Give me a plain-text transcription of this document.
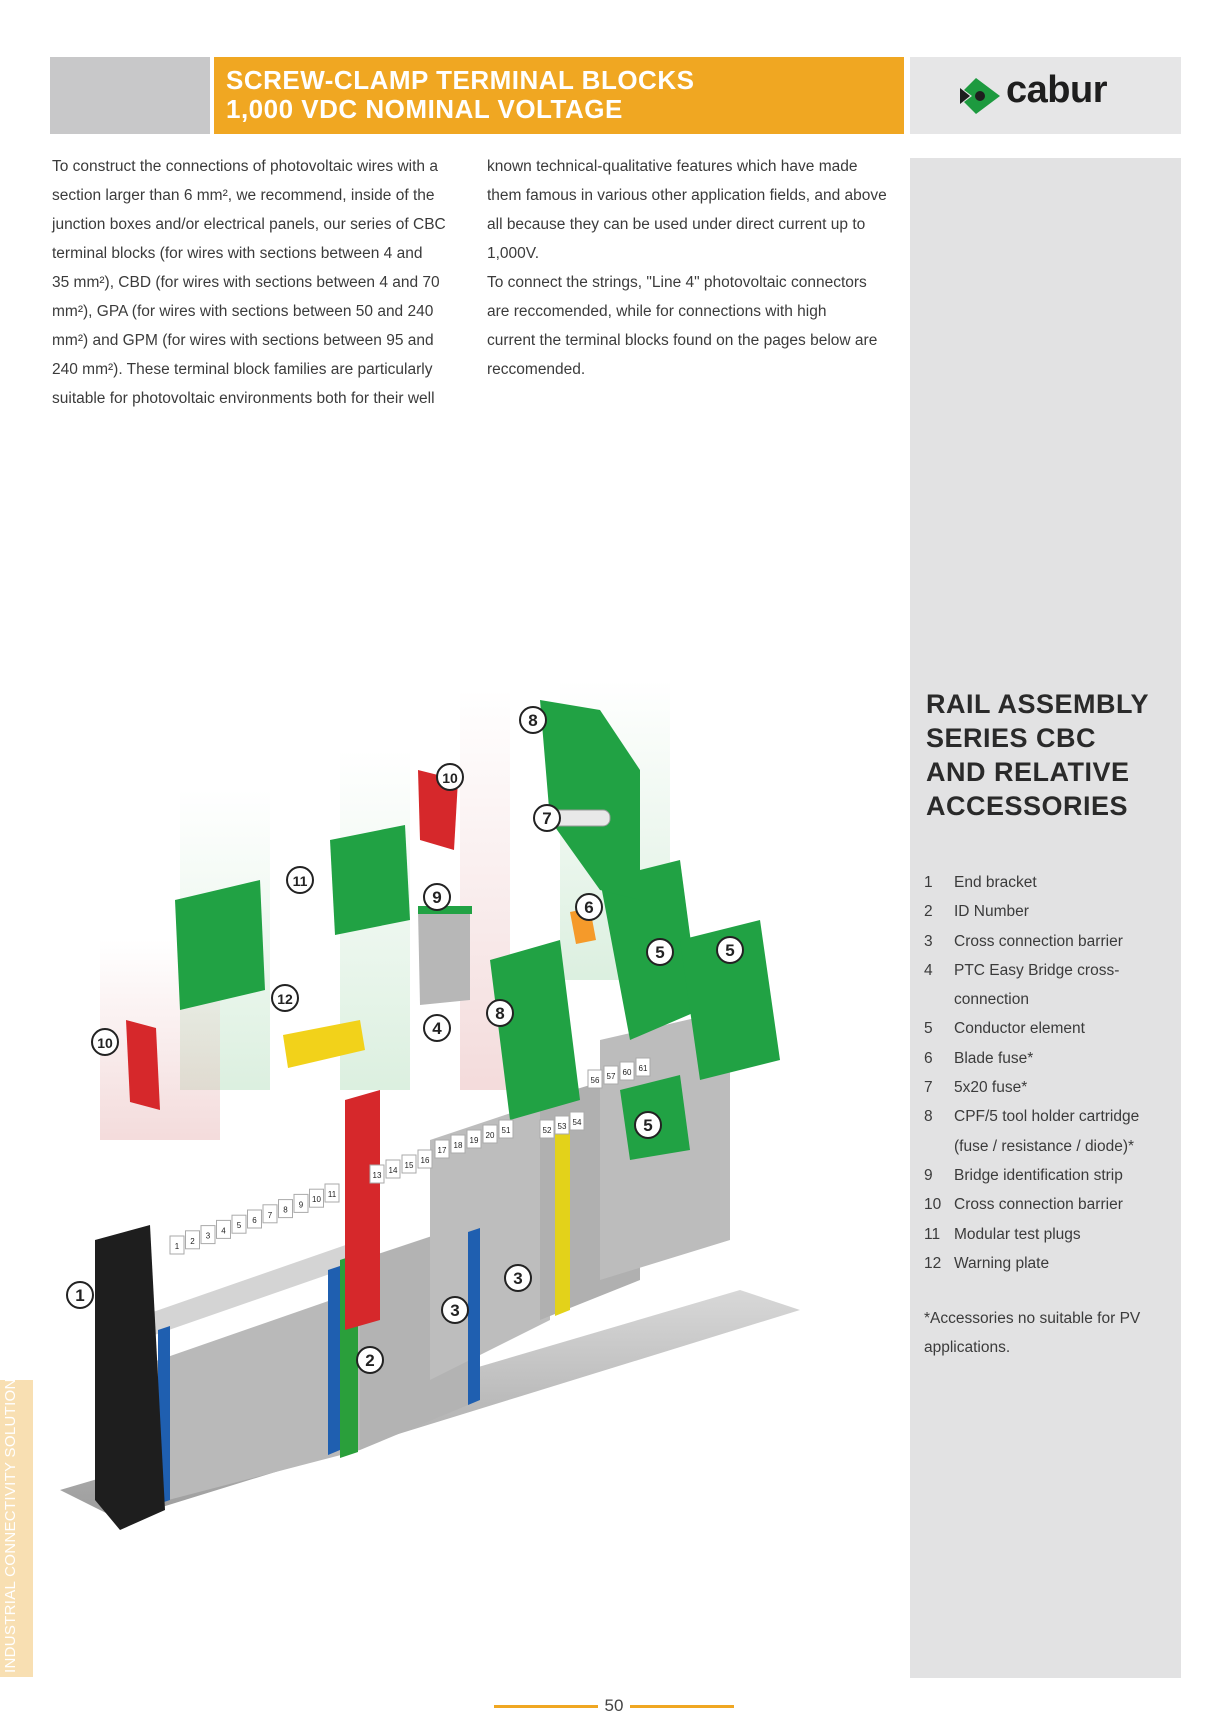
SCREW-CLAMP TERMINAL BLOCKS
1,000 VDC NOMINAL VOLTAGE	cabur

To construct the connections of photovoltaic wires with a

section larger than 6 mm², we recommend, inside of the

junction boxes and/or electrical panels, our series of CBC

terminal blocks (for wires with sections between 4 and

35 mm²), CBD (for wires with sections between 4 and 70

mm²), GPA (for wires with sections between 50 and 240

mm²) and GPM (for wires with sections between 95 and

240 mm²). These terminal block families are particularly

suitable for photovoltaic environments both for their well

known technical-qualitative features which have made

them famous in various other application fields, and above

all because they can be used under direct current up to

1,000V.

To connect the strings, "Line 4" photovoltaic connectors

are reccomended, while for connections with high

current the terminal blocks found on the pages below are

reccomended.

RAIL ASSEMBLY
SERIES CBC
AND RELATIVE
ACCESSORIES
1	End bracket
2	ID Number
3	Cross connection barrier
4	PTC Easy Bridge cross-connection
5	Conductor element
6	Blade fuse*
7	5x20 fuse*
8	CPF/5 tool holder cartridge (fuse / resistance / diode)*
9	Bridge identification strip
10 Cross connection barrier
11 Modular test plugs
12 Warning plate
*Accessories no suitable for PV applications.
INDUSTRIAL CONNECTIVITY SOLUTIONS
1
2
3
4
5
6
7
8
9
10
11
13
14
15
16
17
18
19
20
51	52 53 54
56 57 60 61
1
2
3
3
4
5	5
5
6
7
8
8
9
10
10
11
12
50
